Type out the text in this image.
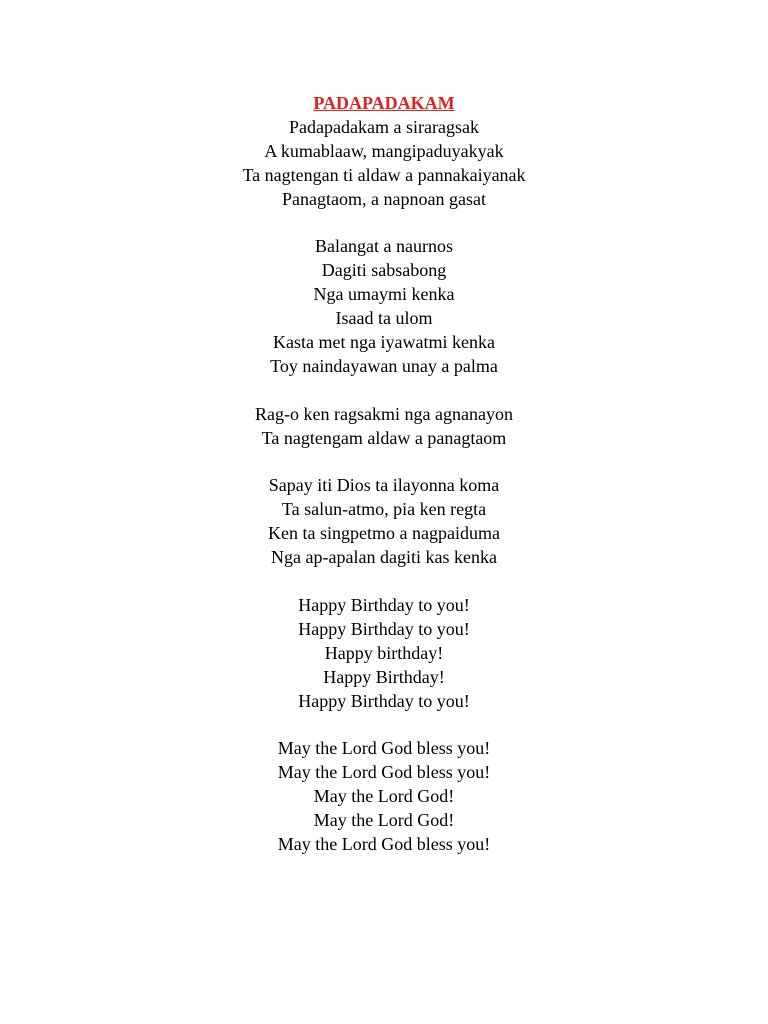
PADAPADAKAM
Padapadakam a siraragsak
A kumablaaw, mangipaduyakyak
Ta nagtengan ti aldaw a pannakaiyanak
Panagtaom, a napnoan gasat
Balangat a naurnos
Dagiti sabsabong
Nga umaymi kenka
Isaad ta ulom
Kasta met nga iyawatmi kenka
Toy naindayawan unay a palma
Rag-o ken ragsakmi nga agnanayon
Ta nagtengam aldaw a panagtaom
Sapay iti Dios ta ilayonna koma
Ta salun-atmo, pia ken regta
Ken ta singpetmo a nagpaiduma
Nga ap-apalan dagiti kas kenka
Happy Birthday to you!
Happy Birthday to you!
Happy birthday!
Happy Birthday!
Happy Birthday to you!
May the Lord God bless you!
May the Lord God bless you!
May the Lord God!
May the Lord God!
May the Lord God bless you!
